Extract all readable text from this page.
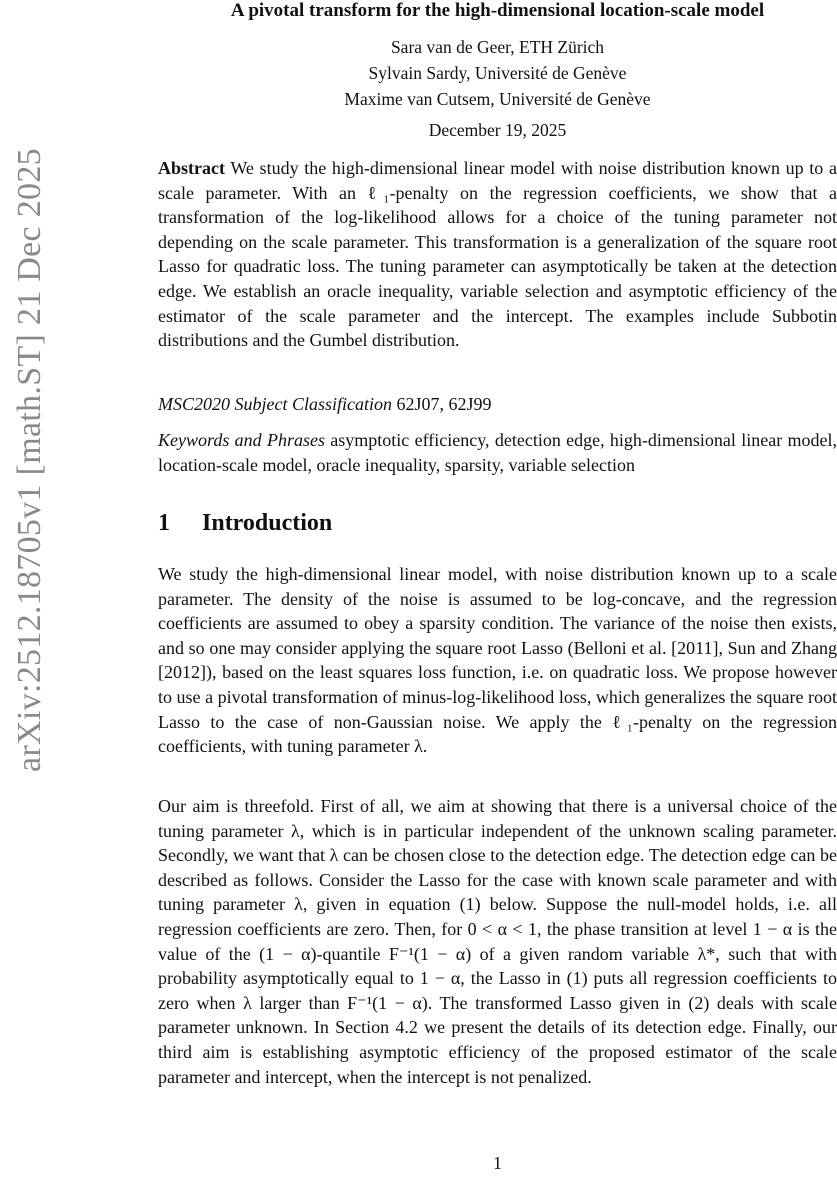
arXiv:2512.18705v1 [math.ST] 21 Dec 2025
A pivotal transform for the high-dimensional location-scale model
Sara van de Geer, ETH Zürich
Sylvain Sardy, Université de Genève
Maxime van Cutsem, Université de Genève
December 19, 2025

Abstract We study the high-dimensional linear model with noise distribution known up to a scale parameter. With an ℓ₁-penalty on the regression coefficients, we show that a transformation of the log-likelihood allows for a choice of the tuning parameter not depending on the scale parameter. This transformation is a generalization of the square root Lasso for quadratic loss. The tuning parameter can asymptotically be taken at the detection edge. We establish an oracle inequality, variable selection and asymptotic efficiency of the estimator of the scale parameter and the intercept. The examples include Subbotin distributions and the Gumbel distribution.

MSC2020 Subject Classification 62J07, 62J99

Keywords and Phrases asymptotic efficiency, detection edge, high-dimensional linear model, location-scale model, oracle inequality, sparsity, variable selection

1 Introduction

We study the high-dimensional linear model, with noise distribution known up to a scale parameter. The density of the noise is assumed to be log-concave, and the regression coefficients are assumed to obey a sparsity condition. The variance of the noise then exists, and so one may consider applying the square root Lasso (Belloni et al. [2011], Sun and Zhang [2012]), based on the least squares loss function, i.e. on quadratic loss. We propose however to use a pivotal transformation of minus-log-likelihood loss, which generalizes the square root Lasso to the case of non-Gaussian noise. We apply the ℓ₁-penalty on the regression coefficients, with tuning parameter λ.

Our aim is threefold. First of all, we aim at showing that there is a universal choice of the tuning parameter λ, which is in particular independent of the unknown scaling parameter. Secondly, we want that λ can be chosen close to the detection edge. The detection edge can be described as follows. Consider the Lasso for the case with known scale parameter and with tuning parameter λ, given in equation (1) below. Suppose the null-model holds, i.e. all regression coefficients are zero. Then, for 0 < α < 1, the phase transition at level 1 − α is the value of the (1 − α)-quantile F⁻¹(1 − α) of a given random variable λ*, such that with probability asymptotically equal to 1 − α, the Lasso in (1) puts all regression coefficients to zero when λ larger than F⁻¹(1 − α). The transformed Lasso given in (2) deals with scale parameter unknown. In Section 4.2 we present the details of its detection edge. Finally, our third aim is establishing asymptotic efficiency of the proposed estimator of the scale parameter and intercept, when the intercept is not penalized.

1
